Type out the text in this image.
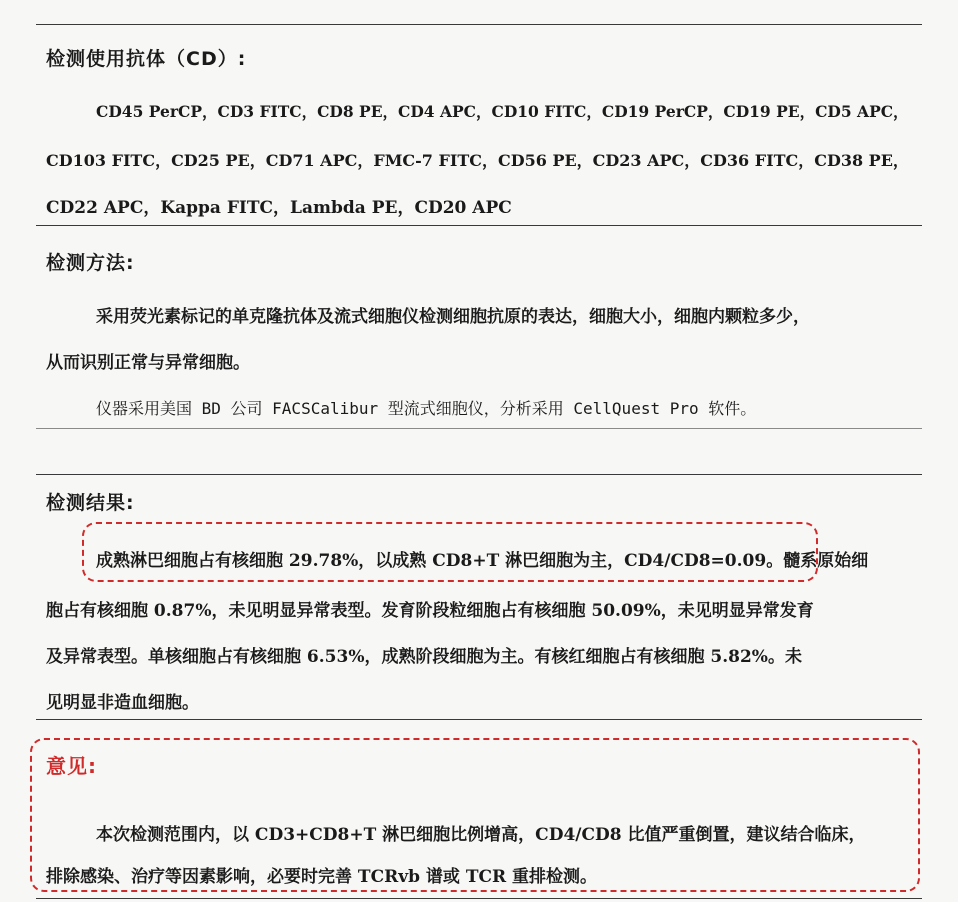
检测使用抗体（CD）:
CD45 PerCP，CD3 FITC，CD8 PE，CD4 APC，CD10 FITC，CD19 PerCP，CD19 PE，CD5 APC，
CD103 FITC，CD25 PE，CD71 APC，FMC-7 FITC，CD56 PE，CD23 APC，CD36 FITC，CD38 PE，
CD22 APC，Kappa FITC，Lambda PE，CD20 APC
检测方法:
采用荧光素标记的单克隆抗体及流式细胞仪检测细胞抗原的表达，细胞大小，细胞内颗粒多少，
从而识别正常与异常细胞。
仪器采用美国 BD 公司 FACSCalibur 型流式细胞仪，分析采用 CellQuest Pro 软件。
检测结果:
成熟淋巴细胞占有核细胞 29.78%，以成熟 CD8+T 淋巴细胞为主，CD4/CD8=0.09。髓系原始细
胞占有核细胞 0.87%，未见明显异常表型。发育阶段粒细胞占有核细胞 50.09%，未见明显异常发育
及异常表型。单核细胞占有核细胞 6.53%，成熟阶段细胞为主。有核红细胞占有核细胞 5.82%。未
见明显非造血细胞。
意见:
本次检测范围内，以 CD3+CD8+T 淋巴细胞比例增高，CD4/CD8 比值严重倒置，建议结合临床，
排除感染、治疗等因素影响，必要时完善 TCRvb 谱或 TCR 重排检测。
